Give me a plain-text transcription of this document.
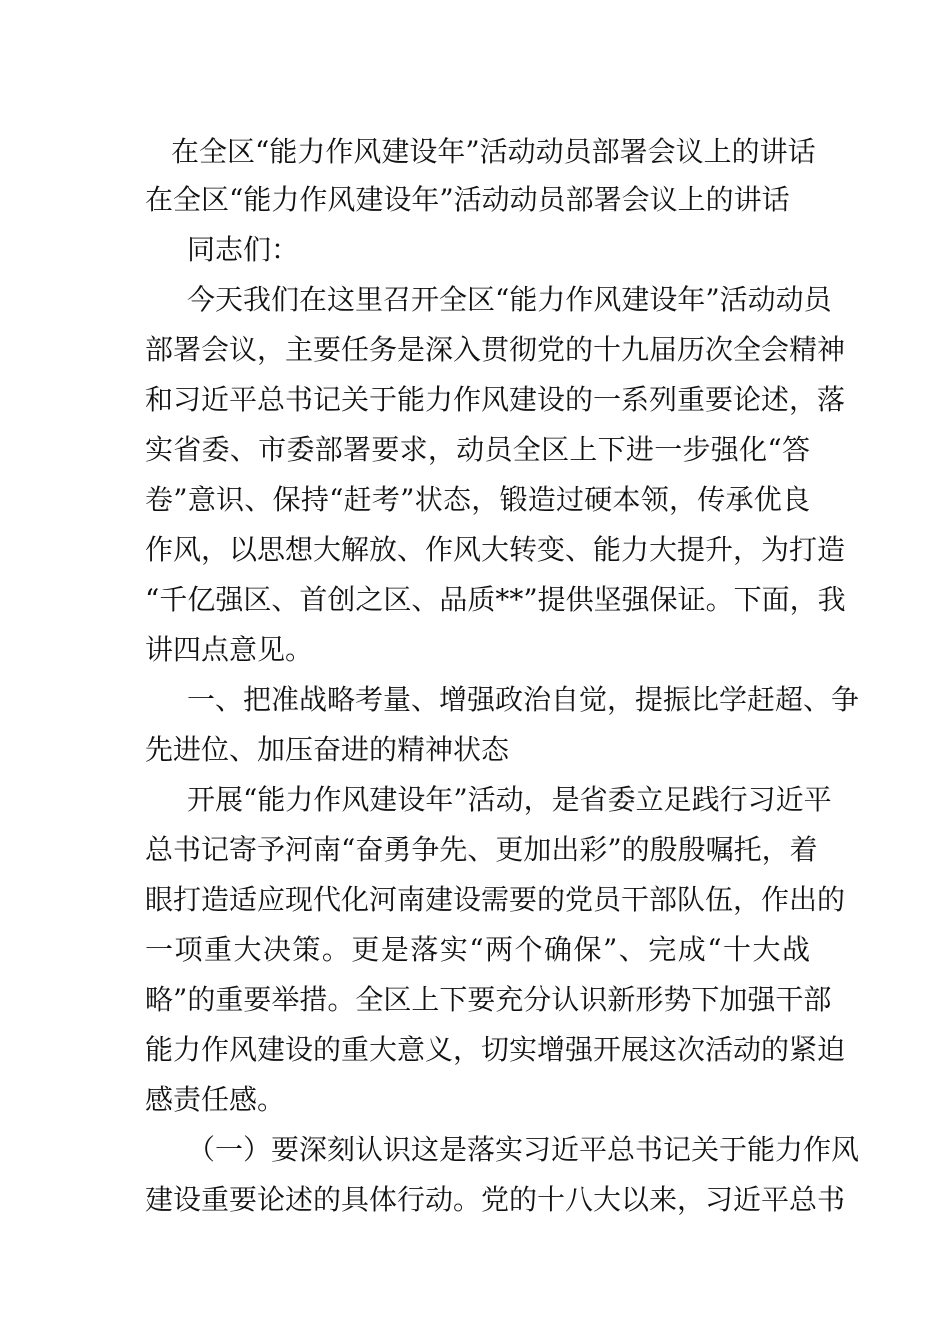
在全区“能力作风建设年”活动动员部署会议上的讲话
在全区“能力作风建设年”活动动员部署会议上的讲话
同志们：
今天我们在这里召开全区“能力作风建设年”活动动员
部署会议，主要任务是深入贯彻党的十九届历次全会精神
和习近平总书记关于能力作风建设的一系列重要论述，落
实省委、市委部署要求，动员全区上下进一步强化“答
卷”意识、保持“赶考”状态，锻造过硬本领，传承优良
作风，以思想大解放、作风大转变、能力大提升，为打造
“千亿强区、首创之区、品质**”提供坚强保证。下面，我
讲四点意见。
一、把准战略考量、增强政治自觉，提振比学赶超、争
先进位、加压奋进的精神状态
开展“能力作风建设年”活动，是省委立足践行习近平
总书记寄予河南“奋勇争先、更加出彩”的殷殷嘱托，着
眼打造适应现代化河南建设需要的党员干部队伍，作出的
一项重大决策。更是落实“两个确保”、完成“十大战
略”的重要举措。全区上下要充分认识新形势下加强干部
能力作风建设的重大意义，切实增强开展这次活动的紧迫
感责任感。
（一）要深刻认识这是落实习近平总书记关于能力作风
建设重要论述的具体行动。党的十八大以来，习近平总书
